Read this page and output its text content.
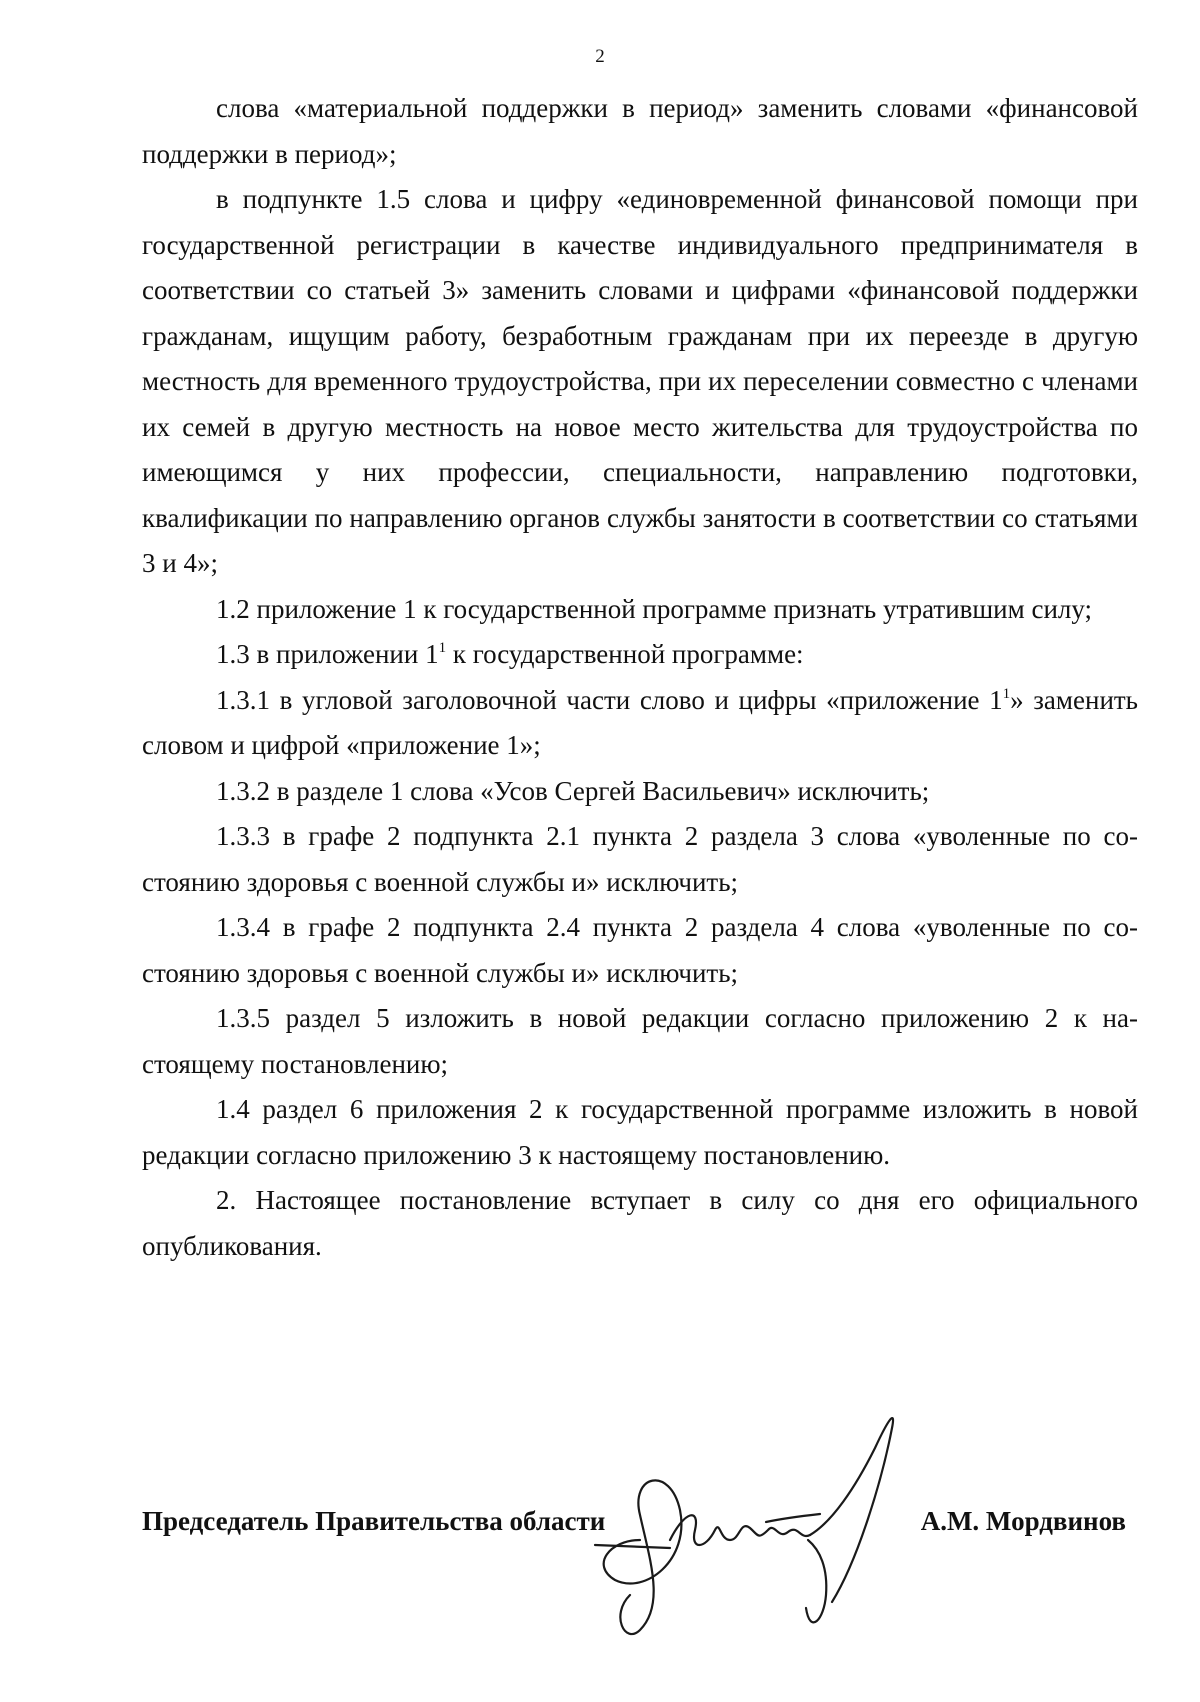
2

слова «материальной поддержки в период» заменить словами «финансовой поддержки в период»;

в подпункте 1.5 слова и цифру «единовременной финансовой помощи при государственной регистрации в качестве индивидуального предпринимателя в соответствии со статьей 3» заменить словами и цифрами «финансовой поддержки гражданам, ищущим работу, безработным гражданам при их переезде в другую местность для временного трудоустройства, при их переселении совместно с членами их семей в другую местность на новое место жительства для трудоустройства по имеющимся у них профессии, специальности, направлению подготовки, квалификации по направлению органов службы занятости в соответствии со статьями 3 и 4»;

1.2 приложение 1 к государственной программе признать утратившим силу;

1.3 в приложении $1^1$ к государственной программе:

1.3.1 в угловой заголовочной части слово и цифры «приложение $1^1$» заменить словом и цифрой «приложение 1»;

1.3.2 в разделе 1 слова «Усов Сергей Васильевич» исключить;

1.3.3 в графе 2 подпункта 2.1 пункта 2 раздела 3 слова «уволенные по состоянию здоровья с военной службы и» исключить;

1.3.4 в графе 2 подпункта 2.4 пункта 2 раздела 4 слова «уволенные по состоянию здоровья с военной службы и» исключить;

1.3.5 раздел 5 изложить в новой редакции согласно приложению 2 к настоящему постановлению;

1.4 раздел 6 приложения 2 к государственной программе изложить в новой редакции согласно приложению 3 к настоящему постановлению.

2. Настоящее постановление вступает в силу со дня его официального опубликования.

Председатель Правительства области	А.М. Мордвинов
